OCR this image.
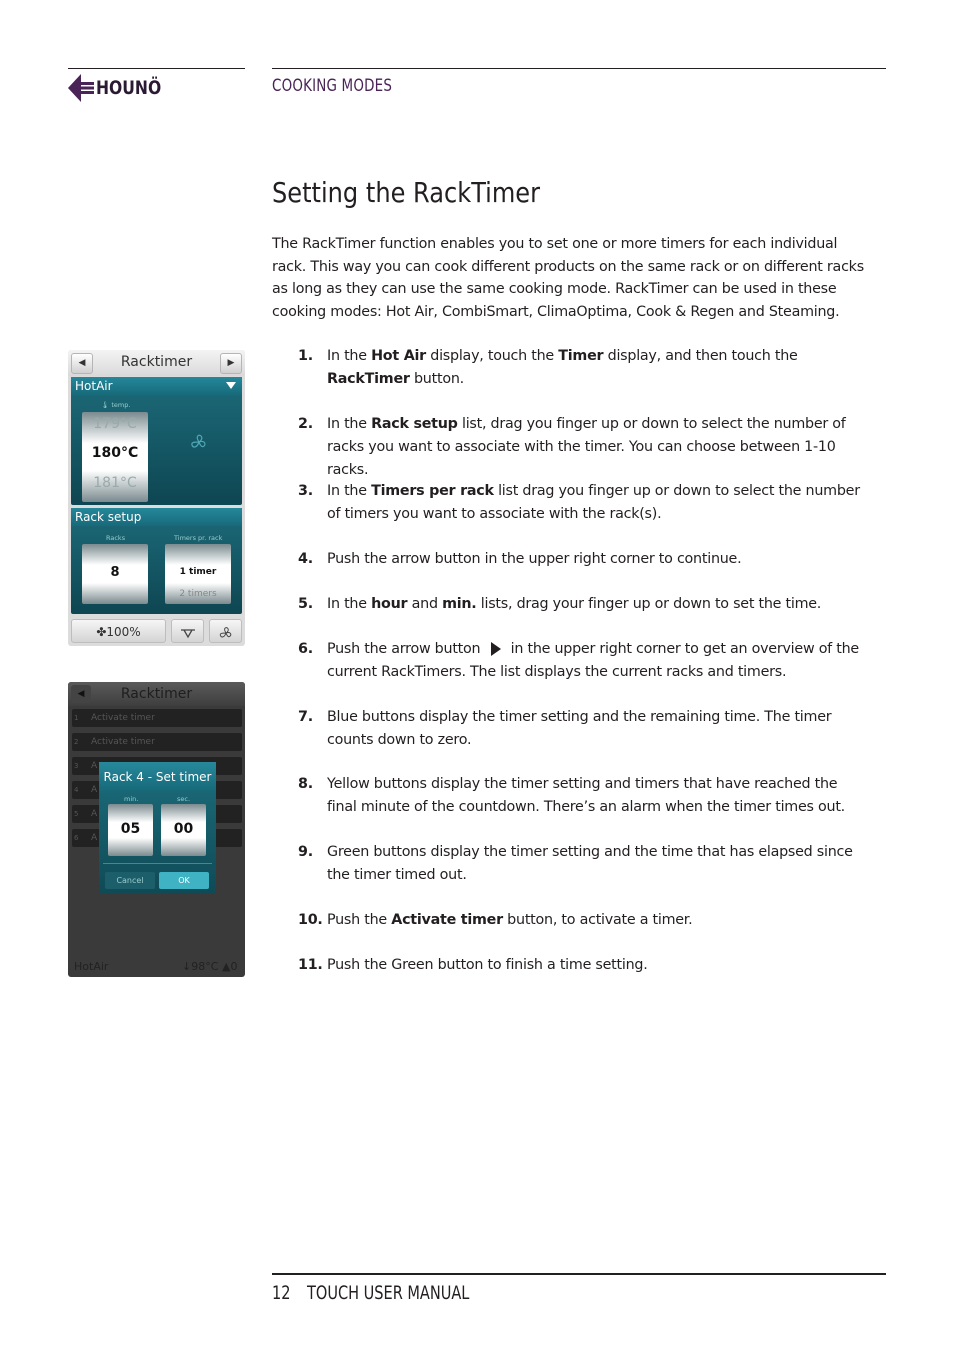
HOUNÖ	COOKING MODES
Setting the RackTimer

The RackTimer function enables you to set one or more timers for each individual rack. This way you can cook different products on the same rack or on different racks as long as they can use the same cooking mode. RackTimer can be used in these cooking modes: Hot Air, CombiSmart, ClimaOptima, Cook & Regen and Steaming.

1. In the Hot Air display, touch the Timer display, and then touch the RackTimer button.
2. In the Rack setup list, drag you finger up or down to select the number of racks you want to associate with the timer. You can choose between 1-10 racks.
3. In the Timers per rack list drag you finger up or down to select the number of timers you want to associate with the rack(s).
4. Push the arrow button in the upper right corner to continue.
5. In the hour and min. lists, drag your finger up or down to set the time.
6. Push the arrow button in the upper right corner to get an overview of the current RackTimers. The list displays the current racks and timers.
7. Blue buttons display the timer setting and the remaining time. The timer counts down to zero.
8. Yellow buttons display the timer setting and timers that have reached the final minute of the countdown. There’s an alarm when the timer times out.
9. Green buttons display the timer setting and the time that has elapsed since the timer timed out.
10. Push the Activate timer button, to activate a timer.
11. Push the Green button to finish a time setting.
◀	Racktimer	▶
HotAir
🌡︎ temp.
179°C
180°C
181°C
Rack setup
Racks	Timers pr. rack
8	1 timer
2 timers
✤100%
◀	Racktimer
1 Activate timer
2 Activate timer
3 A
4 A
5 A
6 A
Rack 4 - Set timer
min.	sec.
05	00
Cancel	OK
HotAir	↓98°C ▲0
12 TOUCH USER MANUAL
